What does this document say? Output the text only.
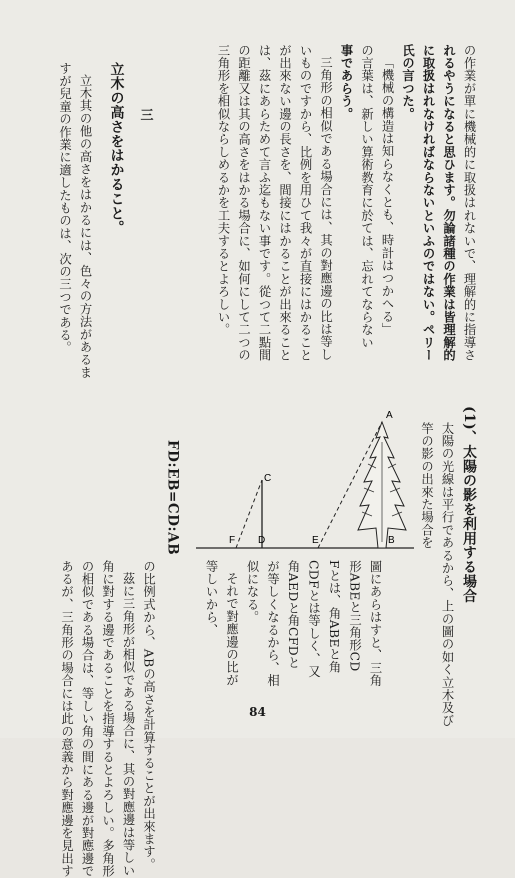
の作業が單に機械的に取扱はれないで、理解的に指導さ
れるやうになると思ひます。勿論諸種の作業は皆理解的
に取扱はれなければならないといふのではない。ペリー
氏の言つた。
「機械の構造は知らなくとも、時計はつかへる」
の言葉は、新しい算術教育に於ては、忘れてならない
事であらう。
三角形の相似である場合には、其の對應邊の比は等し
いものですから、比例を用ひて我々が直接にはかること
が出來ない邊の長さを、間接にはかることが出來ること
は、茲にあらためて言ふ迄もない事です。從つて二點間
の距離又は其の高さをはかる場合に、如何にして二つの
三角形を相似ならしめるかを工夫するとよろしい。
三
立木の高さをはかること。
立木其の他の高さをはかるには、色々の方法があるま
すが兒童の作業に適したものは、次の三つである。
(1)、太陽の影を利用する場合
太陽の光線は平行であるから、上の圖の如く立木及び
竿の影の出來た場合を
圖にあらはすと、三角
形ABEと三角形CD
Fとは、角ABEと角
CDFとは等しく、又
角AEDと角CFDと
が等しくなるから、相
似になる。
それで對應邊の比が
等しいから、
FD:EB=CD:AB
の比例式から、ABの高さを計算することが出來ます。
茲に三角形が相似である場合に、其の對應邊は等しい
角に對する邊であることを指導するとよろしい。多角形
の相似である場合は、等しい角の間にある邊が對應邊で
あるが、三角形の場合には此の意義から對應邊を見出す
F D
C
E	B
A
84
